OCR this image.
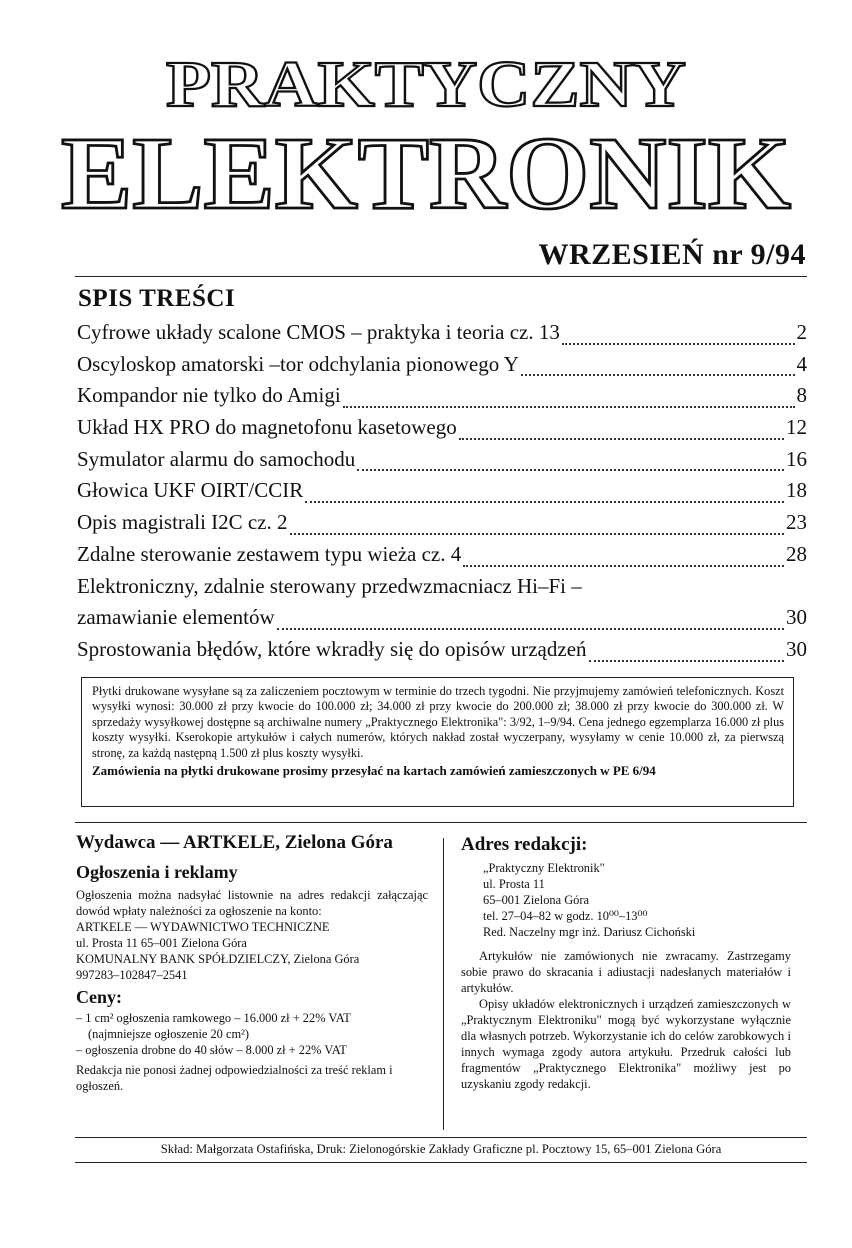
PRAKTYCZNY
ELEKTRONIK
WRZESIEŃ nr 9/94
SPIS TREŚCI
Cyfrowe układy scalone CMOS – praktyka i teoria cz. 13	2
Oscyloskop amatorski –tor odchylania pionowego Y	4
Kompandor nie tylko do Amigi	8
Układ HX PRO do magnetofonu kasetowego	12
Symulator alarmu do samochodu	16
Głowica UKF OIRT/CCIR	18
Opis magistrali I2C cz. 2	23
Zdalne sterowanie zestawem typu wieża cz. 4	28
Elektroniczny, zdalnie sterowany przedwzmacniacz Hi–Fi –
zamawianie elementów	30
Sprostowania błędów, które wkradły się do opisów urządzeń	30
Płytki drukowane wysyłane są za zaliczeniem pocztowym w terminie do trzech tygodni. Nie przyjmujemy zamówień telefonicznych. Koszt wysyłki wynosi: 30.000 zł przy kwocie do 100.000 zł; 34.000 zł przy kwocie do 200.000 zł; 38.000 zł przy kwocie do 300.000 zł. W sprzedaży wysyłkowej dostępne są archiwalne numery „Praktycznego Elektronika": 3/92, 1–9/94. Cena jednego egzemplarza 16.000 zł plus koszty wysyłki. Kserokopie artykułów i całych numerów, których nakład został wyczerpany, wysyłamy w cenie 10.000 zł, za pierwszą stronę, za każdą następną 1.500 zł plus koszty wysyłki.
Zamówienia na płytki drukowane prosimy przesyłać na kartach zamówień zamieszczonych w PE 6/94
Wydawca — ARTKELE, Zielona Góra
Ogłoszenia i reklamy
Ogłoszenia można nadsyłać listownie na adres redakcji załączając dowód wpłaty należności za ogłoszenie na konto:
ARTKELE — WYDAWNICTWO TECHNICZNE
ul. Prosta 11 65–001 Zielona Góra
KOMUNALNY BANK SPÓŁDZIELCZY, Zielona Góra
997283–102847–2541
Ceny:
– 1 cm² ogłoszenia ramkowego – 16.000 zł + 22% VAT
(najmniejsze ogłoszenie 20 cm²)
– ogłoszenia drobne do 40 słów – 8.000 zł + 22% VAT
Redakcja nie ponosi żadnej odpowiedzialności za treść reklam i ogłoszeń.
Adres redakcji:
„Praktyczny Elektronik"
ul. Prosta 11
65–001 Zielona Góra
tel. 27–04–82 w godz. 10⁰⁰–13⁰⁰
Red. Naczelny mgr inż. Dariusz Cichoński
Artykułów nie zamówionych nie zwracamy. Zastrzegamy sobie prawo do skracania i adiustacji nadesłanych materiałów i artykułów.
Opisy układów elektronicznych i urządzeń zamieszczonych w „Praktycznym Elektroniku" mogą być wykorzystane wyłącznie dla własnych potrzeb. Wykorzystanie ich do celów zarobkowych i innych wymaga zgody autora artykułu. Przedruk całości lub fragmentów „Praktycznego Elektronika" możliwy jest po uzyskaniu zgody redakcji.
Skład: Małgorzata Ostafińska, Druk: Zielonogórskie Zakłady Graficzne pl. Pocztowy 15, 65–001 Zielona Góra
